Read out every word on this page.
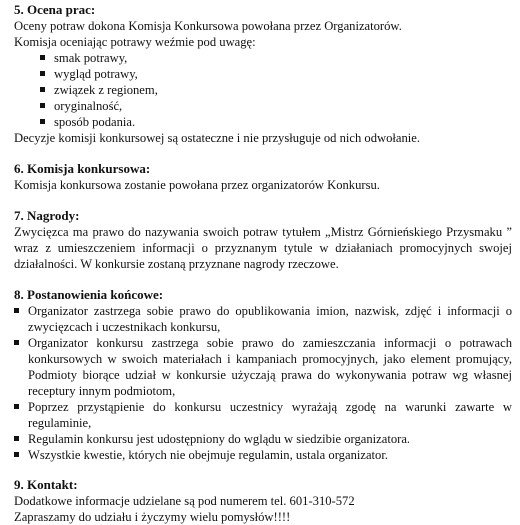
5. Ocena prac:

Oceny potraw dokona Komisja Konkursowa powołana przez Organizatorów.

Komisja oceniając potrawy weźmie pod uwagę:

smak potrawy,
wygląd potrawy,
związek z regionem,
oryginalność,
sposób podania.

Decyzje komisji konkursowej są ostateczne i nie przysługuje od nich odwołanie.

6. Komisja konkursowa:

Komisja konkursowa zostanie powołana przez organizatorów Konkursu.

7. Nagrody:

Zwycięzca ma prawo do nazywania swoich potraw tytułem „Mistrz Górnieńskiego Przysmaku ” wraz z umieszczeniem informacji o przyznanym tytule w działaniach promocyjnych swojej działalności. W konkursie zostaną przyznane nagrody rzeczowe.

8. Postanowienia końcowe:
Organizator zastrzega sobie prawo do opublikowania imion, nazwisk, zdjęć i informacji o zwycięzcach i uczestnikach konkursu,
Organizator konkursu zastrzega sobie prawo do zamieszczania informacji o potrawach konkursowych w swoich materiałach i kampaniach promocyjnych, jako element promujący, Podmioty biorące udział w konkursie użyczają prawa do wykonywania potraw wg własnej receptury innym podmiotom,
Poprzez przystąpienie do konkursu uczestnicy wyrażają zgodę na warunki zawarte w regulaminie,
Regulamin konkursu jest udostępniony do wglądu w siedzibie organizatora.
Wszystkie kwestie, których nie obejmuje regulamin, ustala organizator.
9. Kontakt:

Dodatkowe informacje udzielane są pod numerem tel. 601-310-572

Zapraszamy do udziału i życzymy wielu pomysłów!!!!
